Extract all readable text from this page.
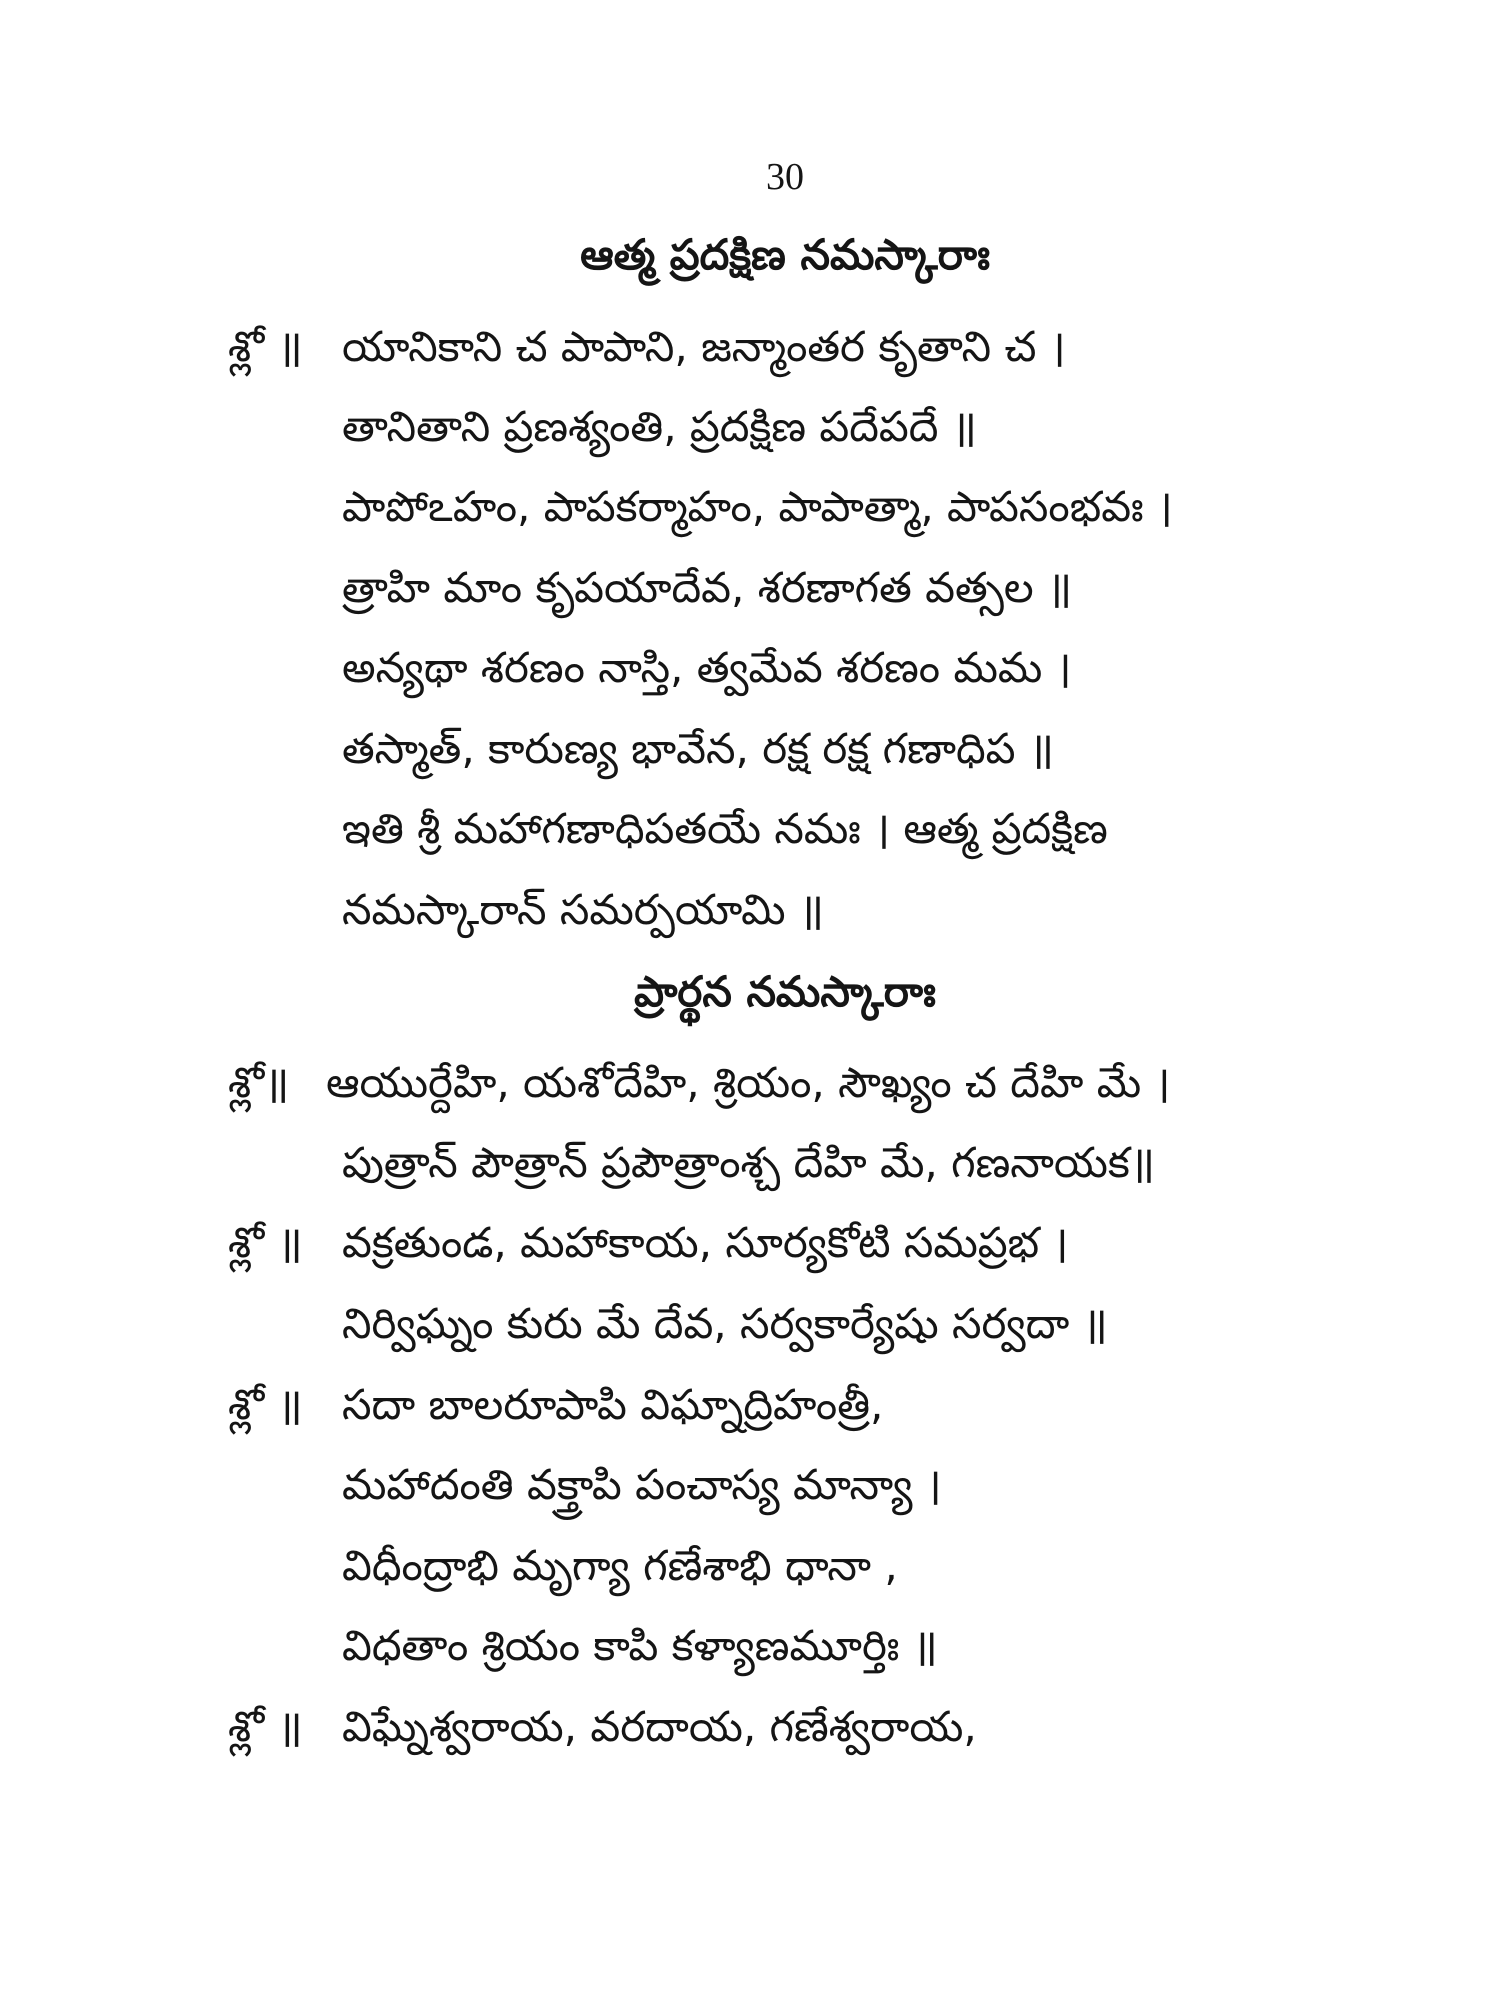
30
ఆత్మ ప్రదక్షిణ నమస్కారాః
శ్లో ॥ యానికాని చ పాపాని, జన్మాంతర కృతాని చ ।
తానితాని ప్రణశ్యంతి, ప్రదక్షిణ పదేపదే ॥
పాపోఽహం, పాపకర్మాహం, పాపాత్మా, పాపసంభవః ।
త్రాహి మాం కృపయాదేవ, శరణాగత వత్సల ॥
అన్యథా శరణం నాస్తి, త్వమేవ శరణం మమ ।
తస్మాత్, కారుణ్య భావేన, రక్ష రక్ష గణాధిప ॥
ఇతి శ్రీ మహాగణాధిపతయే నమః । ఆత్మ ప్రదక్షిణ
నమస్కారాన్ సమర్పయామి ॥
ప్రార్థన నమస్కారాః
శ్లో॥ ఆయుర్దేహి, యశోదేహి, శ్రియం, సౌఖ్యం చ దేహి మే ।
పుత్రాన్ పౌత్రాన్ ప్రపౌత్రాంశ్చ దేహి మే, గణనాయక॥
శ్లో ॥ వక్రతుండ, మహాకాయ, సూర్యకోటి సమప్రభ ।
నిర్విఘ్నం కురు మే దేవ, సర్వకార్యేషు సర్వదా ॥
శ్లో ॥ సదా బాలరూపాపి విఘ్నాద్రిహంత్రీ,
మహాదంతి వక్త్రాపి పంచాస్య మాన్యా ।
విధీంద్రాభి మృగ్యా గణేశాభి ధానా ,
విధతాం శ్రియం కాపి కళ్యాణమూర్తిః ॥
శ్లో ॥ విఘ్నేశ్వరాయ, వరదాయ, గణేశ్వరాయ,
